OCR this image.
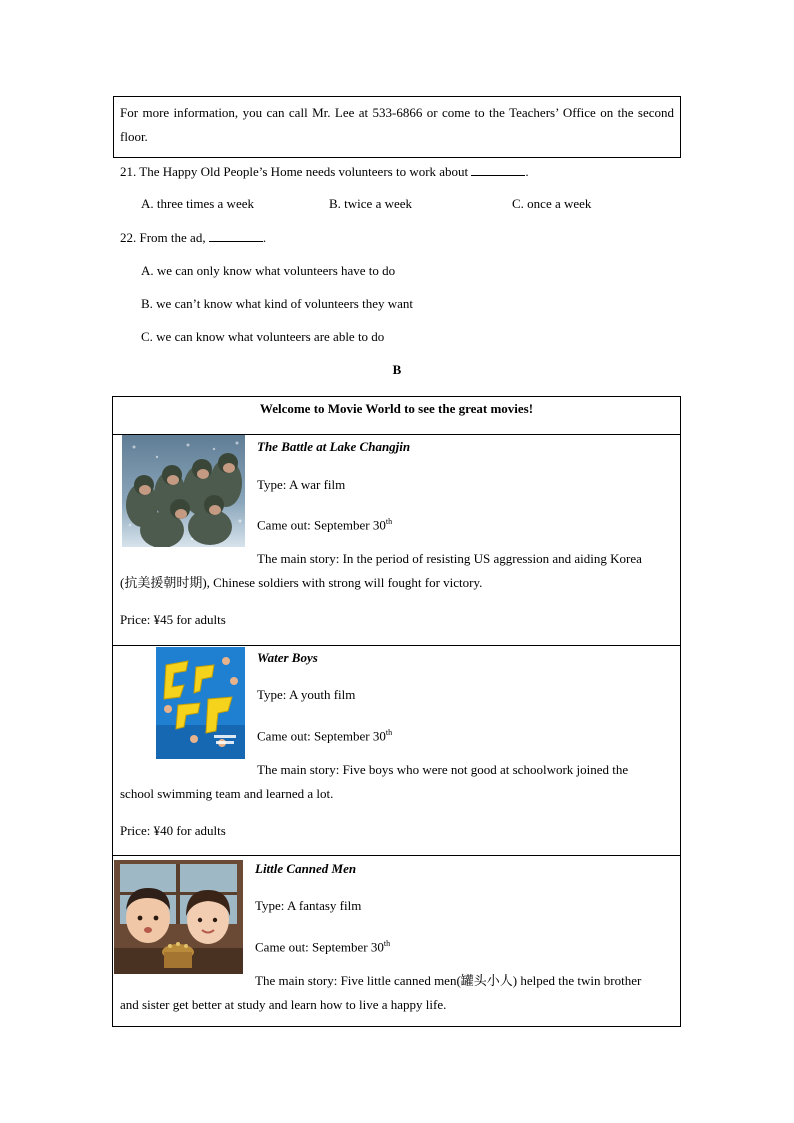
For more information, you can call Mr. Lee at 533-6866 or come to the Teachers’ Office on the second floor.
21. The Happy Old People’s Home needs volunteers to work about	.
A. three times a week	B. twice a week	C. once a week
22. From the ad,	.
A. we can only know what volunteers have to do
B. we can’t know what kind of volunteers they want
C. we can know what volunteers are able to do
B
Welcome to Movie World to see the great movies!
The Battle at Lake Changjin
Type: A war film
Came out: September 30th
The main story: In the period of resisting US aggression and aiding Korea
(抗美援朝时期), Chinese soldiers with strong will fought for victory.
Price: ¥45 for adults
Water Boys
Type: A youth film
Came out: September 30th
The main story: Five boys who were not good at schoolwork joined the
school swimming team and learned a lot.
Price: ¥40 for adults
Little Canned Men
Type: A fantasy film
Came out: September 30th
The main story: Five little canned men(罐头小人) helped the twin brother
and sister get better at study and learn how to live a happy life.
